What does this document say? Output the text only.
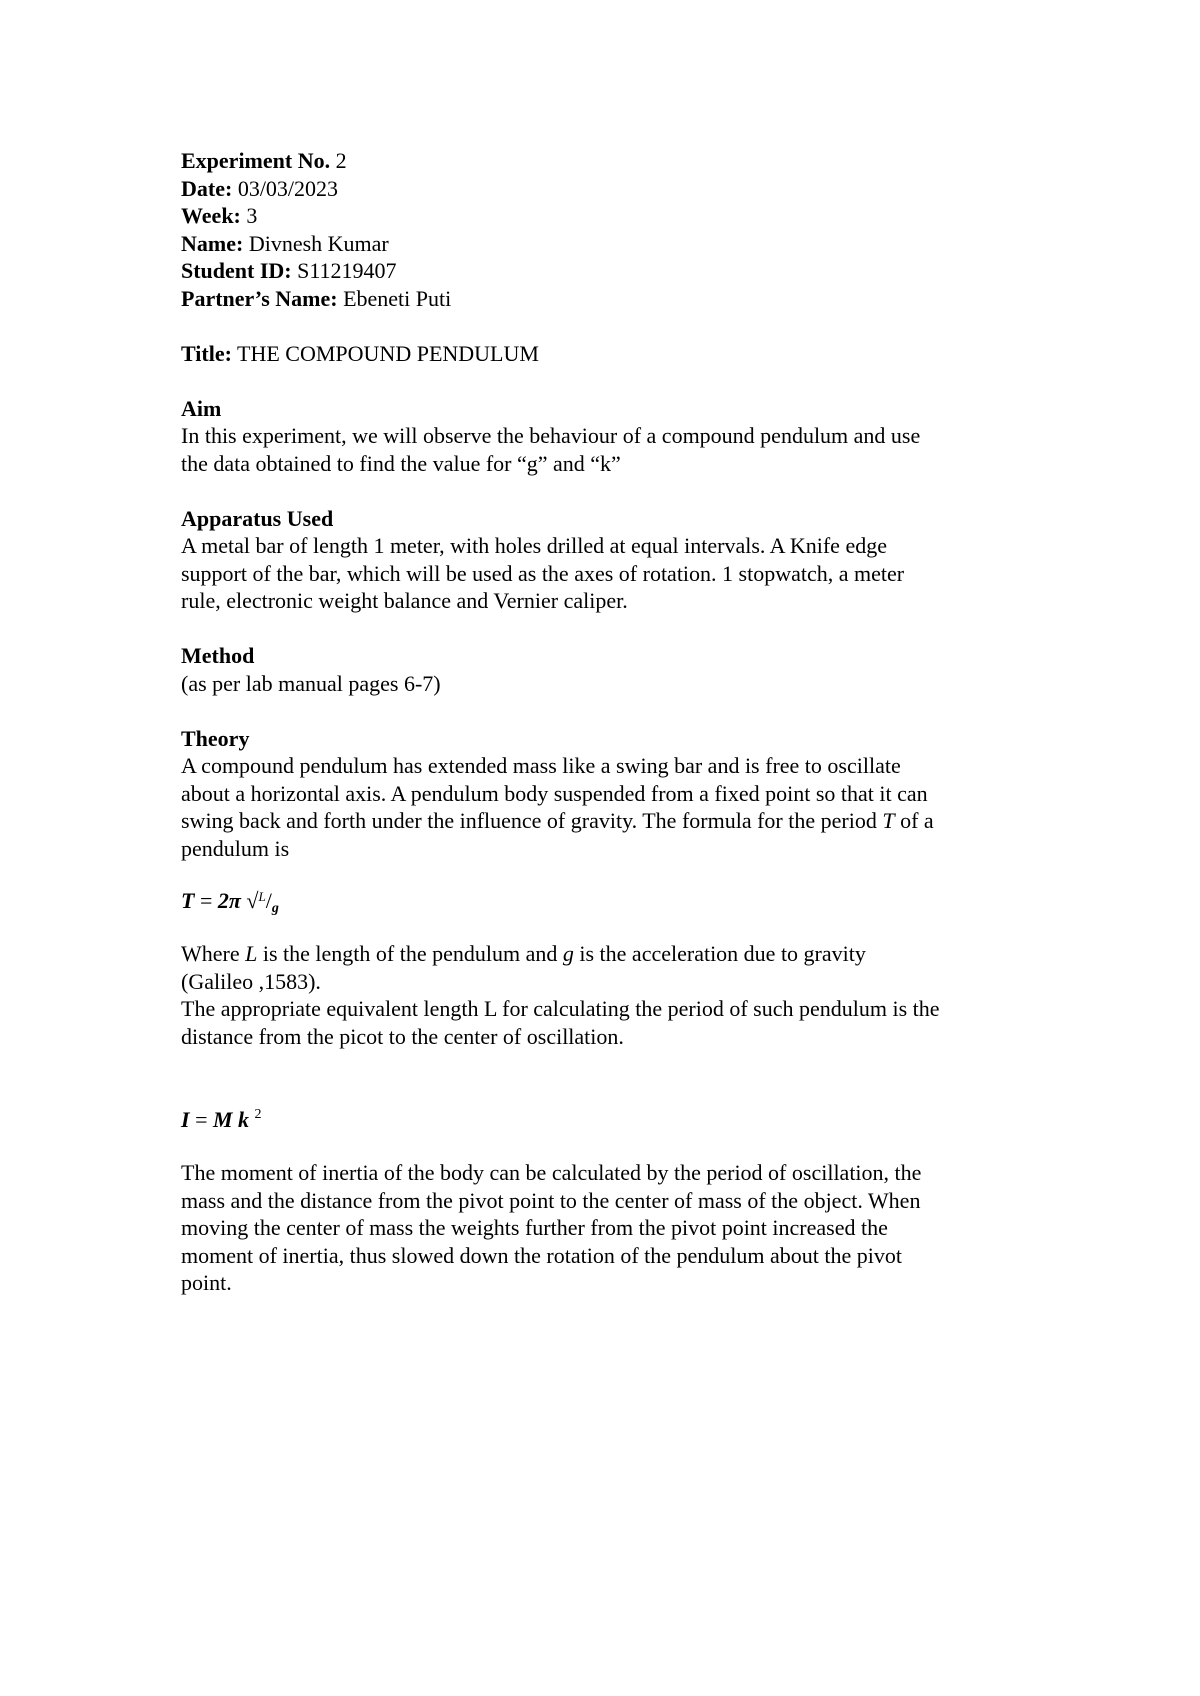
Experiment No. 2
Date: 03/03/2023
Week: 3
Name: Divnesh Kumar
Student ID: S11219407
Partner’s Name: Ebeneti Puti
Title: THE COMPOUND PENDULUM
Aim
In this experiment, we will observe the behaviour of a compound pendulum and use
the data obtained to find the value for “g” and “k”
Apparatus Used
A metal bar of length 1 meter, with holes drilled at equal intervals. A Knife edge
support of the bar, which will be used as the axes of rotation. 1 stopwatch, a meter
rule, electronic weight balance and Vernier caliper.
Method
(as per lab manual pages 6-7)
Theory
A compound pendulum has extended mass like a swing bar and is free to oscillate
about a horizontal axis. A pendulum body suspended from a fixed point so that it can
swing back and forth under the influence of gravity. The formula for the period T of a
pendulum is
T = 2π $√^L/_g$
Where L is the length of the pendulum and g is the acceleration due to gravity
(Galileo ,1583).
The appropriate equivalent length L for calculating the period of such pendulum is the
distance from the picot to the center of oscillation.
I = M k $^2$
The moment of inertia of the body can be calculated by the period of oscillation, the
mass and the distance from the pivot point to the center of mass of the object. When
moving the center of mass the weights further from the pivot point increased the
moment of inertia, thus slowed down the rotation of the pendulum about the pivot
point.
